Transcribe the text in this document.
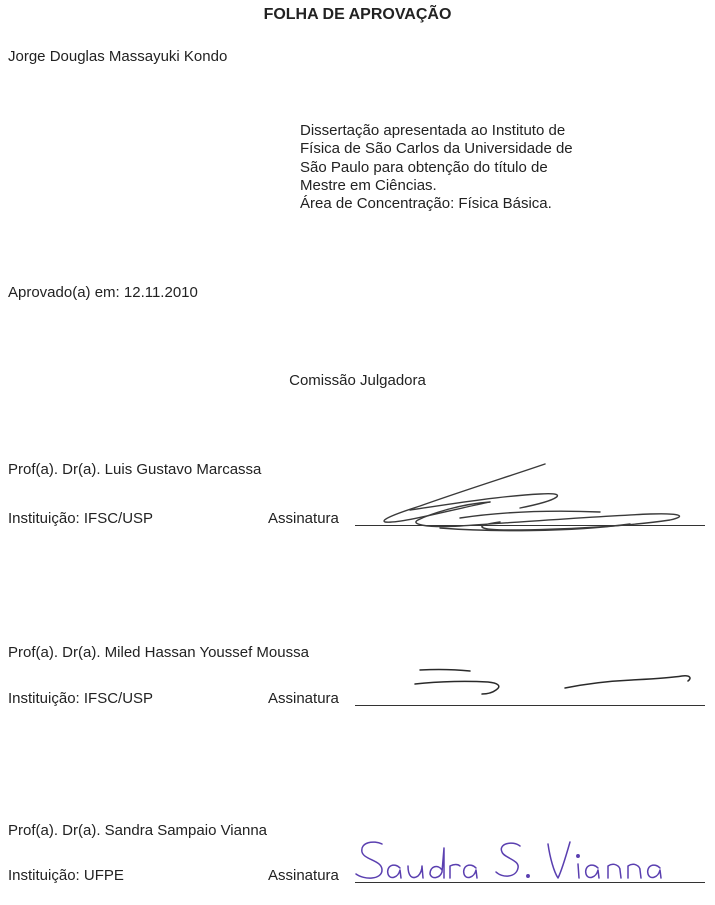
FOLHA DE APROVAÇÃO
Jorge Douglas Massayuki Kondo
Dissertação apresentada ao Instituto de
Física de São Carlos da Universidade de
São Paulo para obtenção do título de
Mestre em Ciências.
Área de Concentração: Física Básica.
Aprovado(a) em: 12.11.2010
Comissão Julgadora
Prof(a). Dr(a). Luis Gustavo Marcassa
Instituição: IFSC/USP	Assinatura
Prof(a). Dr(a). Miled Hassan Youssef Moussa
Instituição: IFSC/USP	Assinatura
Prof(a). Dr(a). Sandra Sampaio Vianna
Instituição: UFPE	Assinatura
